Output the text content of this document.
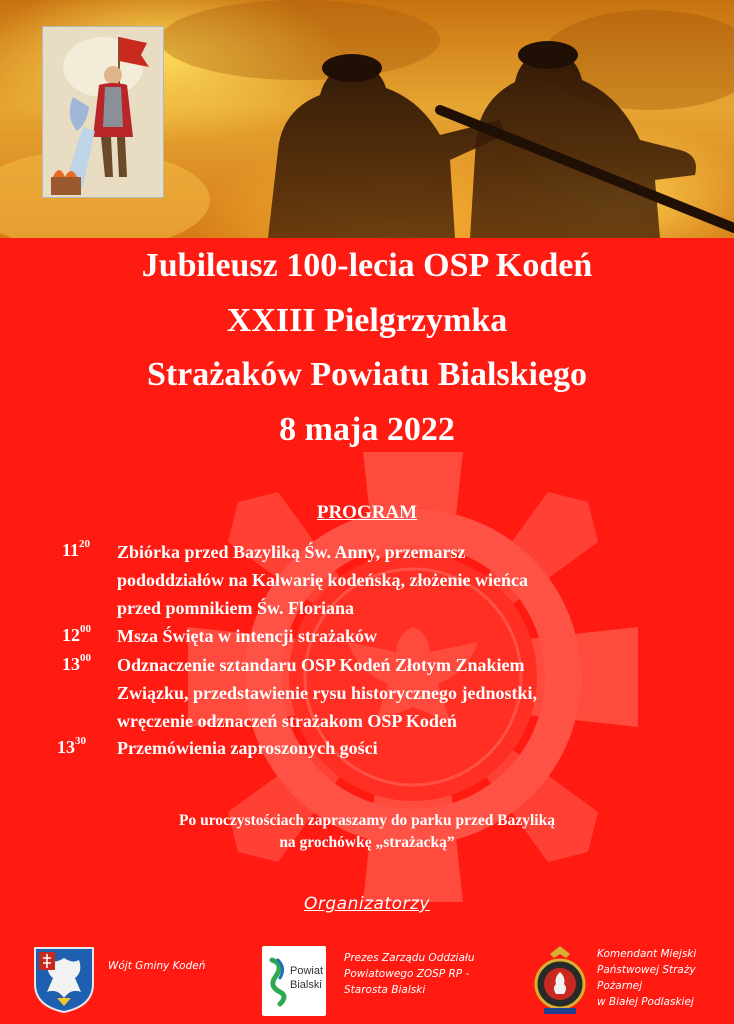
Jubileusz 100-lecia OSP Kodeń
XXIII Pielgrzymka
Strażaków Powiatu Bialskiego
8 maja 2022
PROGRAM
$11^{20}$ Zbiórka przed Bazyliką Św. Anny, przemarsz
pododdziałów na Kalwarię kodeńską, złożenie wieńca
przed pomnikiem Św. Floriana
$12^{00}$ Msza Święta w intencji strażaków
$13^{00}$ Odznaczenie sztandaru OSP Kodeń Złotym Znakiem
Związku, przedstawienie rysu historycznego jednostki,
wręczenie odznaczeń strażakom OSP Kodeń
$13^{30}$ Przemówienia zaproszonych gości
Po uroczystościach zapraszamy do parku przed Bazyliką
na grochówkę „strażacką”
Organizatorzy
Wójt Gminy Kodeń	Powiat
Bialski
Prezes Zarządu Oddziału
Powiatowego ZOSP RP -
Starosta Bialski
Komendant Miejski
Państwowej Straży
Pożarnej
w Białej Podlaskiej
